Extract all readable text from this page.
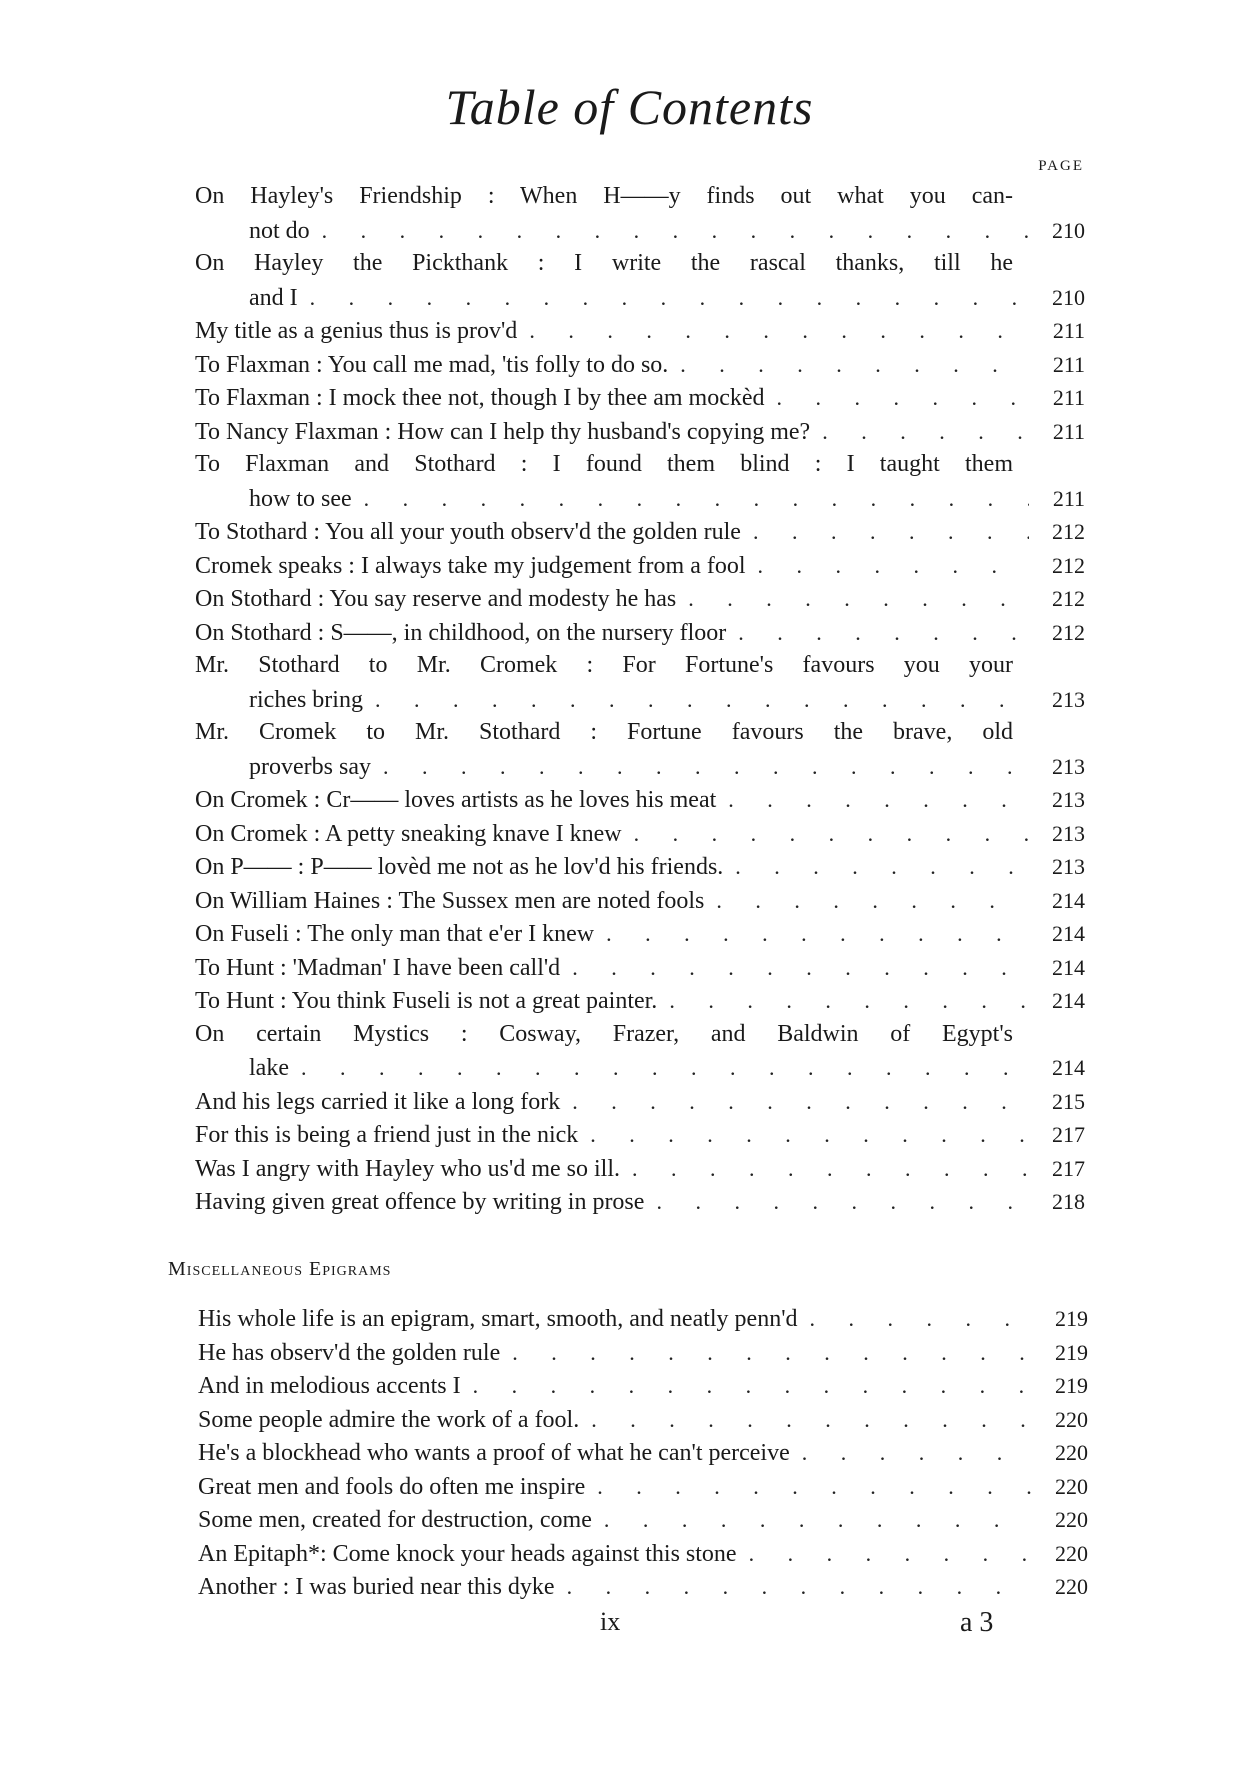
Table of Contents
PAGE
On Hayley's Friendship : When H——y finds out what you can-
not do . . .	210
On Hayley the Pickthank : I write the rascal thanks, till he
and I . . .	210
My title as a genius thus is prov'd . . .	211
To Flaxman : You call me mad, 'tis folly to do so. . . .	211
To Flaxman : I mock thee not, though I by thee am mockèd . . .	211
To Nancy Flaxman : How can I help thy husband's copying me? . . .	211
To Flaxman and Stothard : I found them blind : I taught them
how to see . . .	211
To Stothard : You all your youth observ'd the golden rule . . .	212
Cromek speaks : I always take my judgement from a fool . . .	212
On Stothard : You say reserve and modesty he has . . .	212
On Stothard : S——, in childhood, on the nursery floor . . .	212
Mr. Stothard to Mr. Cromek : For Fortune's favours you your
riches bring . . .	213
Mr. Cromek to Mr. Stothard : Fortune favours the brave, old
proverbs say . . .	213
On Cromek : Cr—— loves artists as he loves his meat . . .	213
On Cromek : A petty sneaking knave I knew . . .	213
On P—— : P—— lovèd me not as he lov'd his friends. . . .	213
On William Haines : The Sussex men are noted fools . . .	214
On Fuseli : The only man that e'er I knew . . .	214
To Hunt : 'Madman' I have been call'd . . .	214
To Hunt : You think Fuseli is not a great painter. . . .	214
On certain Mystics : Cosway, Frazer, and Baldwin of Egypt's
lake . . .	214
And his legs carried it like a long fork . . .	215
For this is being a friend just in the nick . . .	217
Was I angry with Hayley who us'd me so ill. . . .	217
Having given great offence by writing in prose . . .	218
Miscellaneous Epigrams
His whole life is an epigram, smart, smooth, and neatly penn'd . . .	219
He has observ'd the golden rule . . .	219
And in melodious accents I . . .	219
Some people admire the work of a fool. . . .	220
He's a blockhead who wants a proof of what he can't perceive . . .	220
Great men and fools do often me inspire . . .	220
Some men, created for destruction, come . . .	220
An Epitaph*: Come knock your heads against this stone . . .	220
Another : I was buried near this dyke . . .	220
ix	a 3
